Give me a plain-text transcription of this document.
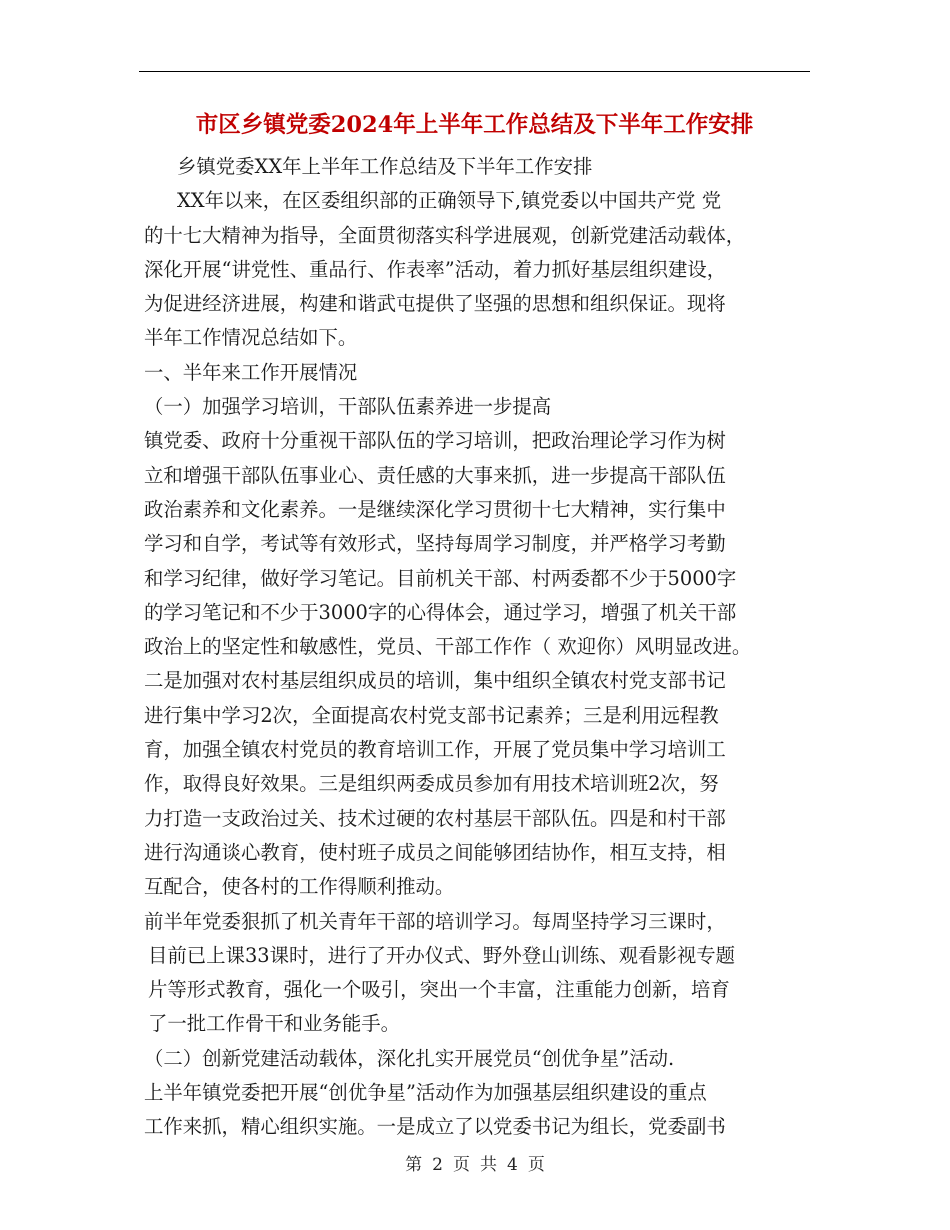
市区乡镇党委2024年上半年工作总结及下半年工作安排

乡镇党委XX年上半年工作总结及下半年工作安排

XX年以来，在区委组织部的正确领导下,镇党委以中国共产党 党

的十七大精神为指导，全面贯彻落实科学进展观，创新党建活动载体，

深化开展“讲党性、重品行、作表率”活动，着力抓好基层组织建设，

为促进经济进展，构建和谐武屯提供了坚强的思想和组织保证。现将

半年工作情况总结如下。

一、半年来工作开展情况

（一）加强学习培训，干部队伍素养进一步提高

镇党委、政府十分重视干部队伍的学习培训，把政治理论学习作为树

立和增强干部队伍事业心、责任感的大事来抓，进一步提高干部队伍

政治素养和文化素养。一是继续深化学习贯彻十七大精神，实行集中

学习和自学，考试等有效形式，坚持每周学习制度，并严格学习考勤

和学习纪律，做好学习笔记。目前机关干部、村两委都不少于5000字

的学习笔记和不少于3000字的心得体会，通过学习，增强了机关干部

政治上的坚定性和敏感性，党员、干部工作作（ 欢迎你）风明显改进。

二是加强对农村基层组织成员的培训，集中组织全镇农村党支部书记

进行集中学习2次，全面提高农村党支部书记素养；三是利用远程教

育，加强全镇农村党员的教育培训工作，开展了党员集中学习培训工

作，取得良好效果。三是组织两委成员参加有用技术培训班2次，努

力打造一支政治过关、技术过硬的农村基层干部队伍。四是和村干部

进行沟通谈心教育，使村班子成员之间能够团结协作，相互支持，相

互配合，使各村的工作得顺利推动。

前半年党委狠抓了机关青年干部的培训学习。每周坚持学习三课时，

目前已上课33课时，进行了开办仪式、野外登山训练、观看影视专题

片等形式教育，强化一个吸引，突出一个丰富，注重能力创新，培育

了一批工作骨干和业务能手。

（二）创新党建活动载体，深化扎实开展党员“创优争星”活动.

上半年镇党委把开展“创优争星”活动作为加强基层组织建设的重点

工作来抓，精心组织实施。一是成立了以党委书记为组长，党委副书

第 2 页 共 4 页
